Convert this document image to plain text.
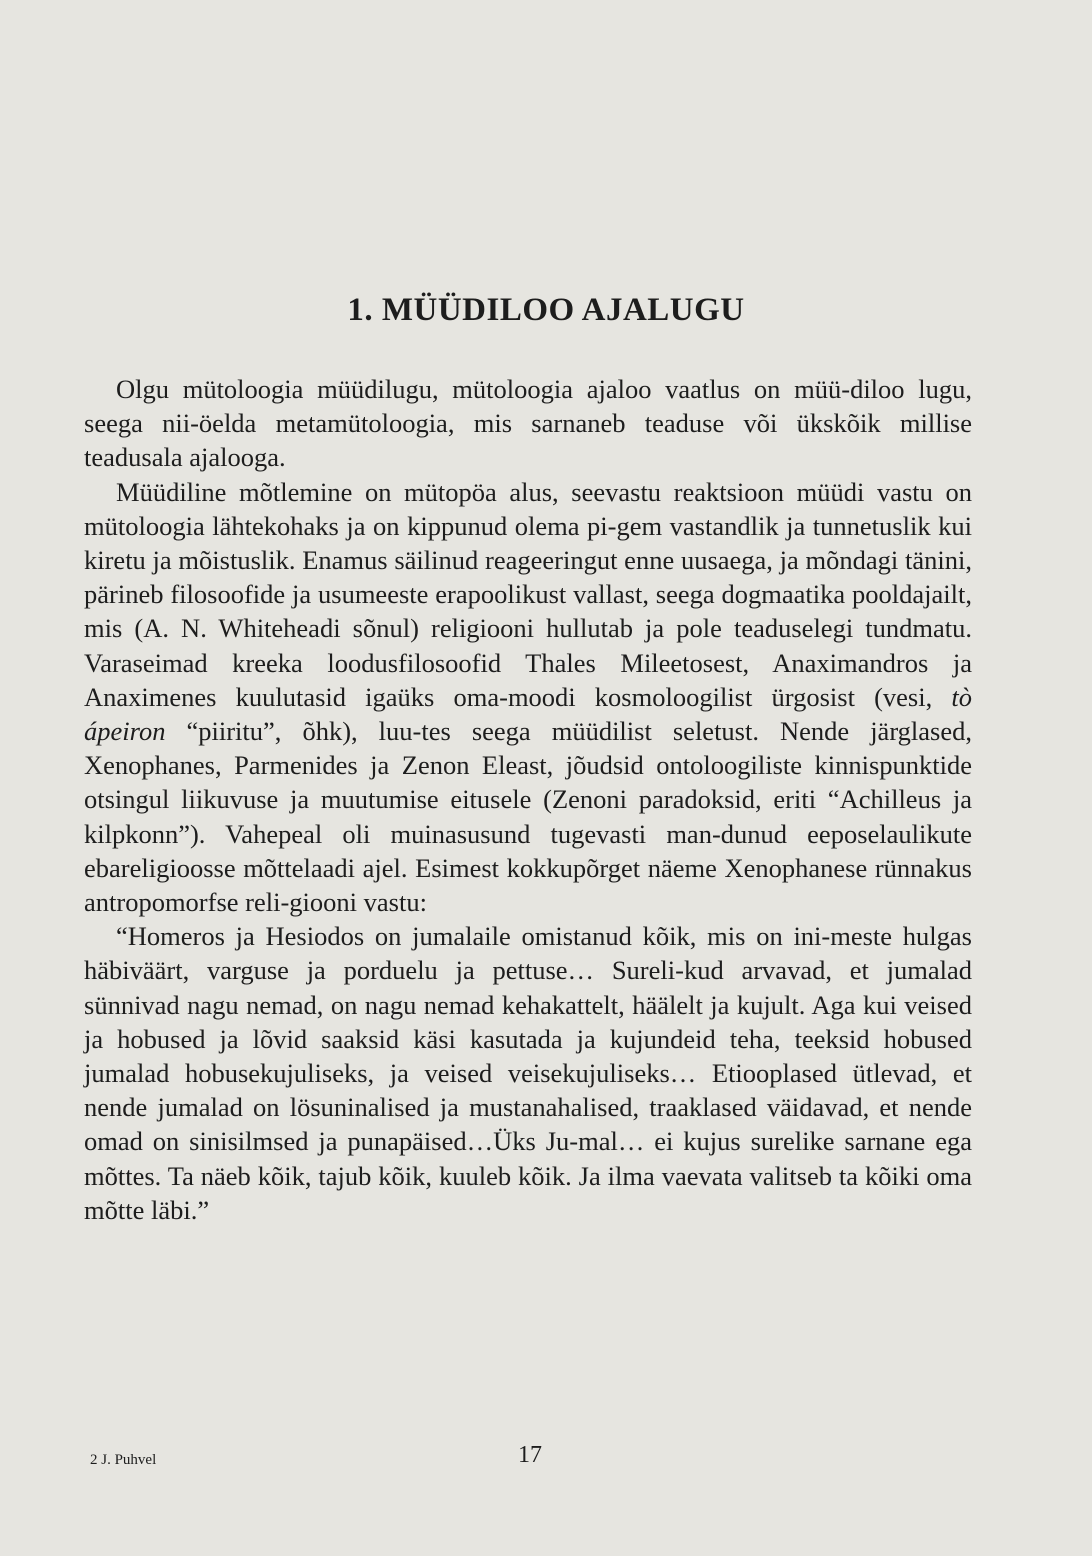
1. MÜÜDILOO AJALUGU

Olgu mütoloogia müüdilugu, mütoloogia ajaloo vaatlus on müü-diloo lugu, seega nii-öelda metamütoloogia, mis sarnaneb teaduse või ükskõik millise teadusala ajalooga.

Müüdiline mõtlemine on mütopöa alus, seevastu reaktsioon müüdi vastu on mütoloogia lähtekohaks ja on kippunud olema pi-gem vastandlik ja tunnetuslik kui kiretu ja mõistuslik. Enamus säilinud reageeringut enne uusaega, ja mõndagi tänini, pärineb filosoofide ja usumeeste erapoolikust vallast, seega dogmaatika pooldajailt, mis (A. N. Whiteheadi sõnul) religiooni hullutab ja pole teaduselegi tundmatu. Varaseimad kreeka loodusfilosoofid Thales Mileetosest, Anaximandros ja Anaximenes kuulutasid igaüks oma-moodi kosmoloogilist ürgosist (vesi, tò ápeiron “piiritu”, õhk), luu-tes seega müüdilist seletust. Nende järglased, Xenophanes, Parmenides ja Zenon Eleast, jõudsid ontoloogiliste kinnispunktide otsingul liikuvuse ja muutumise eitusele (Zenoni paradoksid, eriti “Achilleus ja kilpkonn”). Vahepeal oli muinasusund tugevasti man-dunud eeposelaulikute ebareligioosse mõttelaadi ajel. Esimest kokkupõrget näeme Xenophanese rünnakus antropomorfse reli-giooni vastu:

“Homeros ja Hesiodos on jumalaile omistanud kõik, mis on ini-meste hulgas häbiväärt, varguse ja porduelu ja pettuse… Sureli-kud arvavad, et jumalad sünnivad nagu nemad, on nagu nemad kehakattelt, häälelt ja kujult. Aga kui veised ja hobused ja lõvid saaksid käsi kasutada ja kujundeid teha, teeksid hobused jumalad hobusekujuliseks, ja veised veisekujuliseks… Etiooplased ütlevad, et nende jumalad on lösuninalised ja mustanahalised, traaklased väidavad, et nende omad on sinisilmsed ja punapäised…Üks Ju-mal… ei kujus surelike sarnane ega mõttes. Ta näeb kõik, tajub kõik, kuuleb kõik. Ja ilma vaevata valitseb ta kõiki oma mõtte läbi.”

2 J. Puhvel	17
